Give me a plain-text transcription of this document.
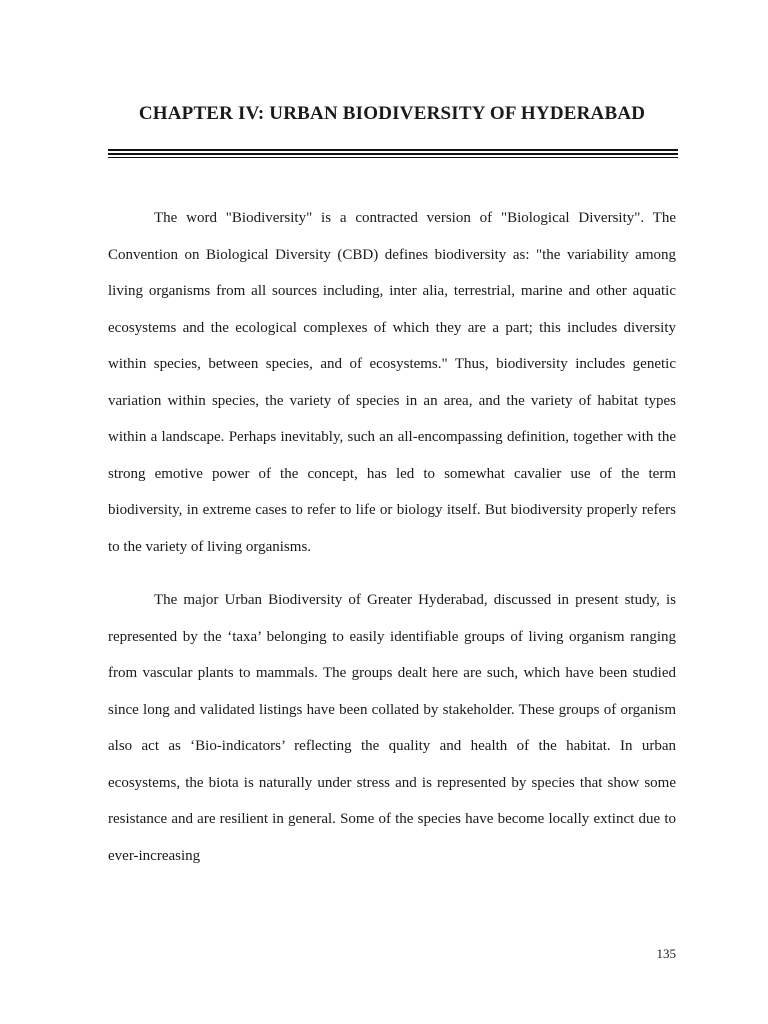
CHAPTER IV: URBAN BIODIVERSITY OF HYDERABAD

The word "Biodiversity" is a contracted version of "Biological Diversity". The Convention on Biological Diversity (CBD) defines biodiversity as: "the variability among living organisms from all sources including, inter alia, terrestrial, marine and other aquatic ecosystems and the ecological complexes of which they are a part; this includes diversity within species, between species, and of ecosystems." Thus, biodiversity includes genetic variation within species, the variety of species in an area, and the variety of habitat types within a landscape. Perhaps inevitably, such an all-encompassing definition, together with the strong emotive power of the concept, has led to somewhat cavalier use of the term biodiversity, in extreme cases to refer to life or biology itself. But biodiversity properly refers to the variety of living organisms.

The major Urban Biodiversity of Greater Hyderabad, discussed in present study, is represented by the ‘taxa’ belonging to easily identifiable groups of living organism ranging from vascular plants to mammals. The groups dealt here are such, which have been studied since long and validated listings have been collated by stakeholder. These groups of organism also act as ‘Bio-indicators’ reflecting the quality and health of the habitat. In urban ecosystems, the biota is naturally under stress and is represented by species that show some resistance and are resilient in general. Some of the species have become locally extinct due to ever-increasing

135
